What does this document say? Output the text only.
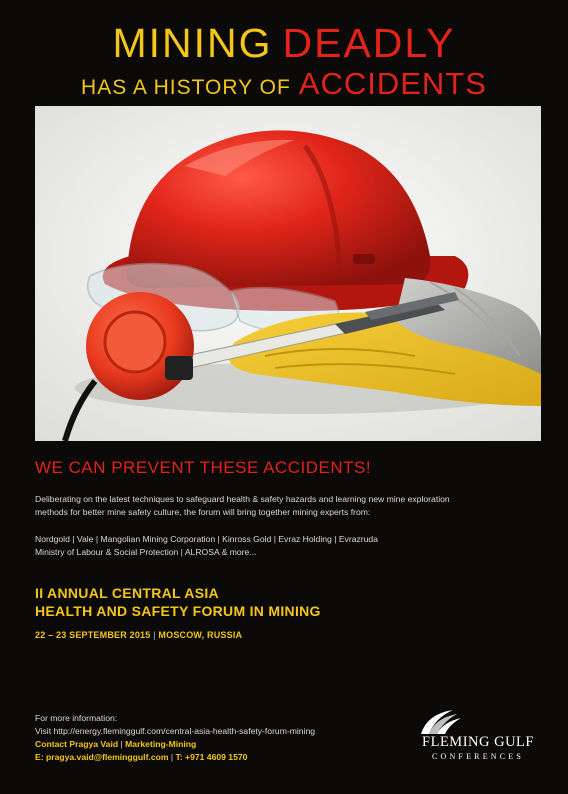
MINING DEADLY
HAS A HISTORY OF ACCIDENTS
WE CAN PREVENT THESE ACCIDENTS!
Deliberating on the latest techniques to safeguard health & safety hazards and learning new mine exploration
methods for better mine safety culture, the forum will bring together mining experts from:
Nordgold | Vale | Mangolian Mining Corporation | Kinross Gold | Evraz Holding | Evrazruda
Ministry of Labour & Social Protection | ALROSA & more...
II ANNUAL CENTRAL ASIA
HEALTH AND SAFETY FORUM IN MINING
22 – 23 SEPTEMBER 2015 | MOSCOW, RUSSIA
For more information:
Visit http://energy.fleminggulf.com/central-asia-health-safety-forum-mining
Contact Pragya Vaid | Marketing-Mining
E: pragya.vaid@fleminggulf.com | T: +971 4609 1570
FLEMING GULF
CONFERENCES
